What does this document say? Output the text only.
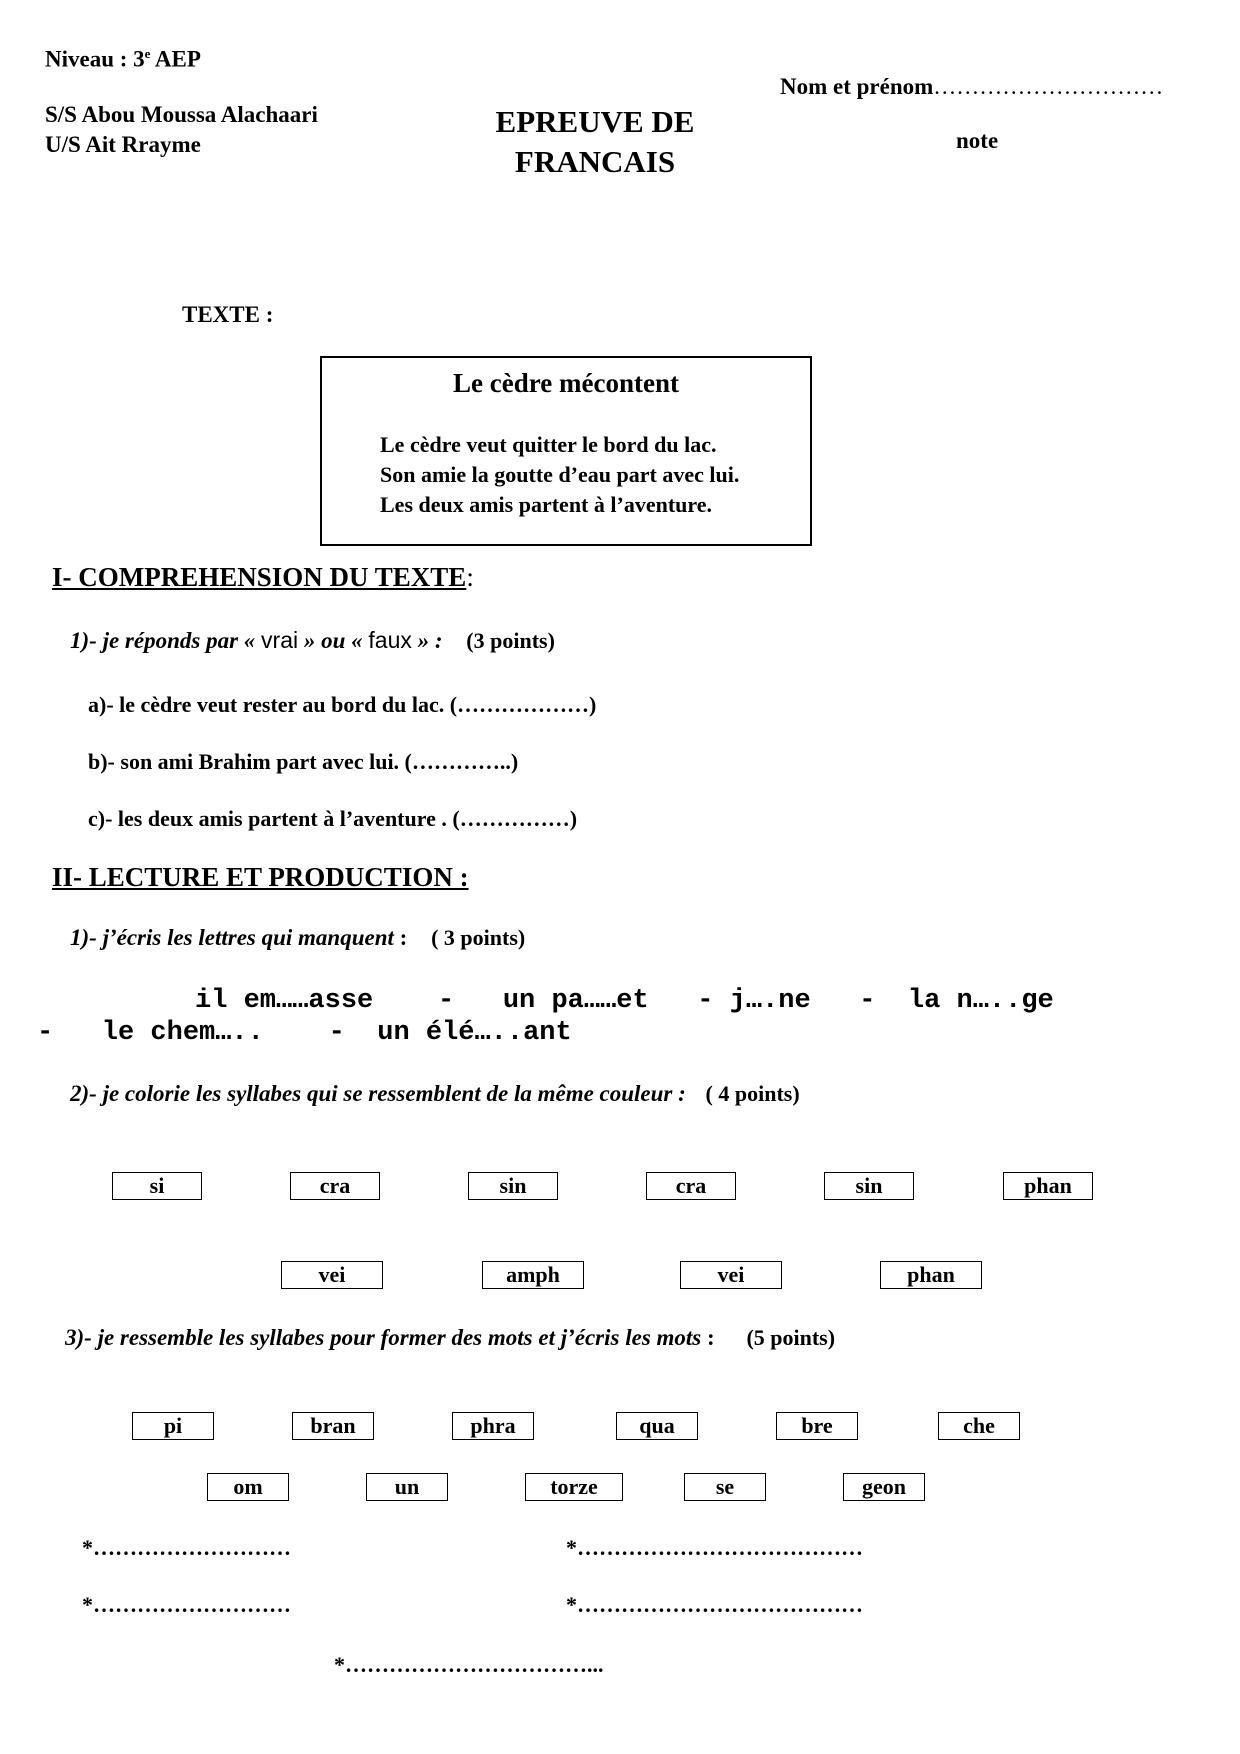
Niveau : 3e AEP
S/S Abou Moussa Alachaari
U/S Ait Rrayme
EPREUVE DE
FRANCAIS
Nom et prénom…………………………
note
TEXTE :
Le cèdre mécontent
Le cèdre veut quitter le bord du lac.
Son amie la goutte d’eau part avec lui.
Les deux amis partent à l’aventure.
I- COMPREHENSION DU TEXTE:
1)- je réponds par « vrai » ou « faux » : (3 points)
a)- le cèdre veut rester au bord du lac. (………………)
b)- son ami Brahim part avec lui. (…………..)
c)- les deux amis partent à l’aventure . (……………)
II- LECTURE ET PRODUCTION :
1)- j’écris les lettres qui manquent : ( 3 points)
il em……asse    -   un pa……et   - j….ne   -  la n…..ge
-   le chem…..    -  un élé…..ant
2)- je colorie les syllabes qui se ressemblent de la même couleur : ( 4 points)
si	cra	sin	cra	sin	phan
vei	amph	vei	phan
3)- je ressemble les syllabes pour former des mots et j’écris les mots : (5 points)
pi	bran	phra	qua	bre	che
om	un	torze	se	geon
*………………………	*…………………………………
*………………………	*…………………………………
*……………………………...
